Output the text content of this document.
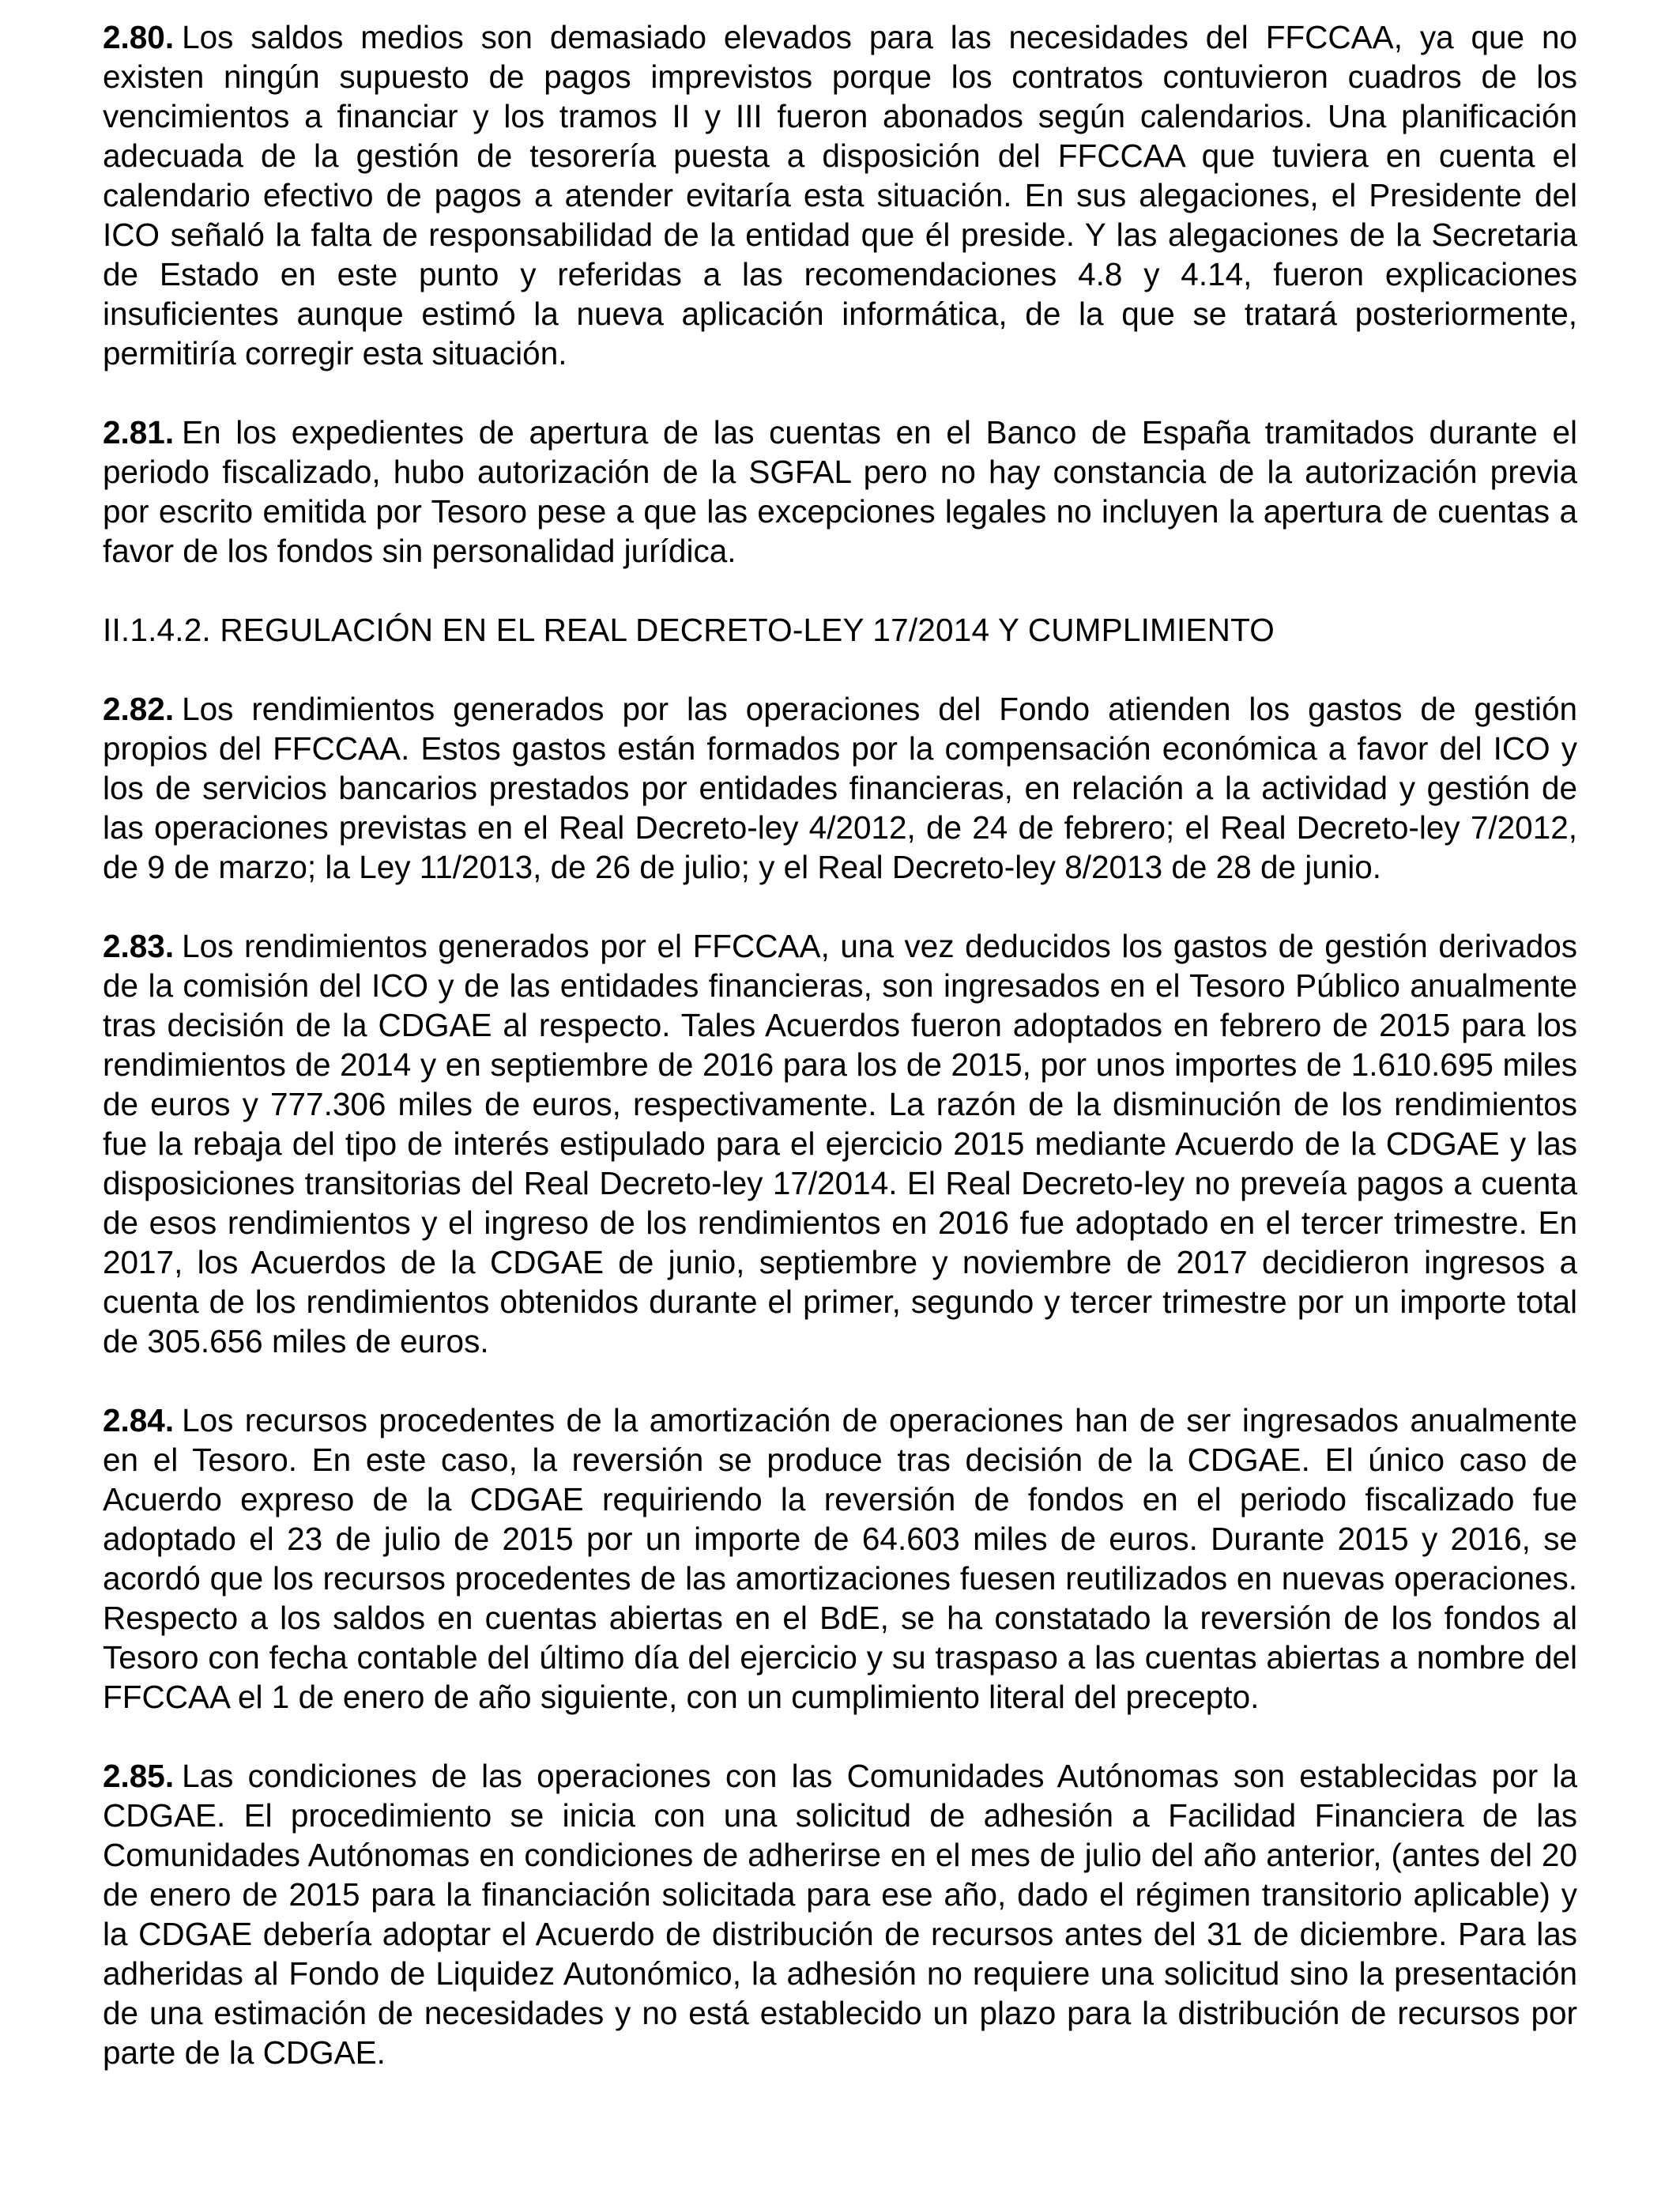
2.80. Los saldos medios son demasiado elevados para las necesidades del FFCCAA, ya que no existen ningún supuesto de pagos imprevistos porque los contratos contuvieron cuadros de los vencimientos a financiar y los tramos II y III fueron abonados según calendarios. Una planificación adecuada de la gestión de tesorería puesta a disposición del FFCCAA que tuviera en cuenta el calendario efectivo de pagos a atender evitaría esta situación. En sus alegaciones, el Presidente del ICO señaló la falta de responsabilidad de la entidad que él preside. Y las alegaciones de la Secretaria de Estado en este punto y referidas a las recomendaciones 4.8 y 4.14, fueron explicaciones insuficientes aunque estimó la nueva aplicación informática, de la que se tratará posteriormente, permitiría corregir esta situación.

2.81. En los expedientes de apertura de las cuentas en el Banco de España tramitados durante el periodo fiscalizado, hubo autorización de la SGFAL pero no hay constancia de la autorización previa por escrito emitida por Tesoro pese a que las excepciones legales no incluyen la apertura de cuentas a favor de los fondos sin personalidad jurídica.

II.1.4.2. REGULACIÓN EN EL REAL DECRETO-LEY 17/2014 Y CUMPLIMIENTO

2.82. Los rendimientos generados por las operaciones del Fondo atienden los gastos de gestión propios del FFCCAA. Estos gastos están formados por la compensación económica a favor del ICO y los de servicios bancarios prestados por entidades financieras, en relación a la actividad y gestión de las operaciones previstas en el Real Decreto-ley 4/2012, de 24 de febrero; el Real Decreto-ley 7/2012, de 9 de marzo; la Ley 11/2013, de 26 de julio; y el Real Decreto-ley 8/2013 de 28 de junio.

2.83. Los rendimientos generados por el FFCCAA, una vez deducidos los gastos de gestión derivados de la comisión del ICO y de las entidades financieras, son ingresados en el Tesoro Público anualmente tras decisión de la CDGAE al respecto. Tales Acuerdos fueron adoptados en febrero de 2015 para los rendimientos de 2014 y en septiembre de 2016 para los de 2015, por unos importes de 1.610.695 miles de euros y 777.306 miles de euros, respectivamente. La razón de la disminución de los rendimientos fue la rebaja del tipo de interés estipulado para el ejercicio 2015 mediante Acuerdo de la CDGAE y las disposiciones transitorias del Real Decreto-ley 17/2014. El Real Decreto-ley no preveía pagos a cuenta de esos rendimientos y el ingreso de los rendimientos en 2016 fue adoptado en el tercer trimestre. En 2017, los Acuerdos de la CDGAE de junio, septiembre y noviembre de 2017 decidieron ingresos a cuenta de los rendimientos obtenidos durante el primer, segundo y tercer trimestre por un importe total de 305.656 miles de euros.

2.84. Los recursos procedentes de la amortización de operaciones han de ser ingresados anualmente en el Tesoro. En este caso, la reversión se produce tras decisión de la CDGAE. El único caso de Acuerdo expreso de la CDGAE requiriendo la reversión de fondos en el periodo fiscalizado fue adoptado el 23 de julio de 2015 por un importe de 64.603 miles de euros. Durante 2015 y 2016, se acordó que los recursos procedentes de las amortizaciones fuesen reutilizados en nuevas operaciones. Respecto a los saldos en cuentas abiertas en el BdE, se ha constatado la reversión de los fondos al Tesoro con fecha contable del último día del ejercicio y su traspaso a las cuentas abiertas a nombre del FFCCAA el 1 de enero de año siguiente, con un cumplimiento literal del precepto.

2.85. Las condiciones de las operaciones con las Comunidades Autónomas son establecidas por la CDGAE. El procedimiento se inicia con una solicitud de adhesión a Facilidad Financiera de las Comunidades Autónomas en condiciones de adherirse en el mes de julio del año anterior, (antes del 20 de enero de 2015 para la financiación solicitada para ese año, dado el régimen transitorio aplicable) y la CDGAE debería adoptar el Acuerdo de distribución de recursos antes del 31 de diciembre. Para las adheridas al Fondo de Liquidez Autonómico, la adhesión no requiere una solicitud sino la presentación de una estimación de necesidades y no está establecido un plazo para la distribución de recursos por parte de la CDGAE.
